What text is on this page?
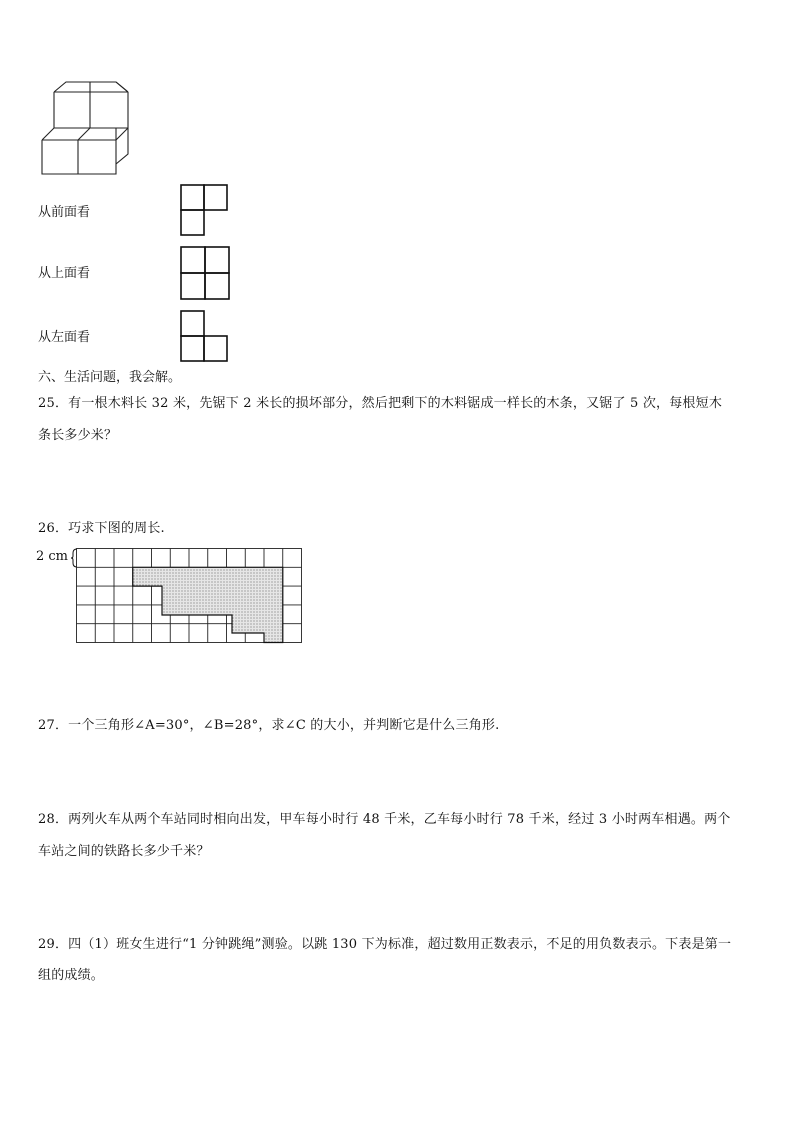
从前面看
从上面看
从左面看
六、生活问题，我会解。
25．有一根木料长 32 米，先锯下 2 米长的损坏部分，然后把剩下的木料锯成一样长的木条，又锯了 5 次，每根短木
条长多少米？
26．巧求下图的周长.
2 cm
27．一个三角形∠A=30°，∠B=28°，求∠C 的大小，并判断它是什么三角形.
28．两列火车从两个车站同时相向出发，甲车每小时行 48 千米，乙车每小时行 78 千米，经过 3 小时两车相遇。两个
车站之间的铁路长多少千米？
29．四（1）班女生进行“1 分钟跳绳”测验。以跳 130 下为标准，超过数用正数表示，不足的用负数表示。下表是第一
组的成绩。
